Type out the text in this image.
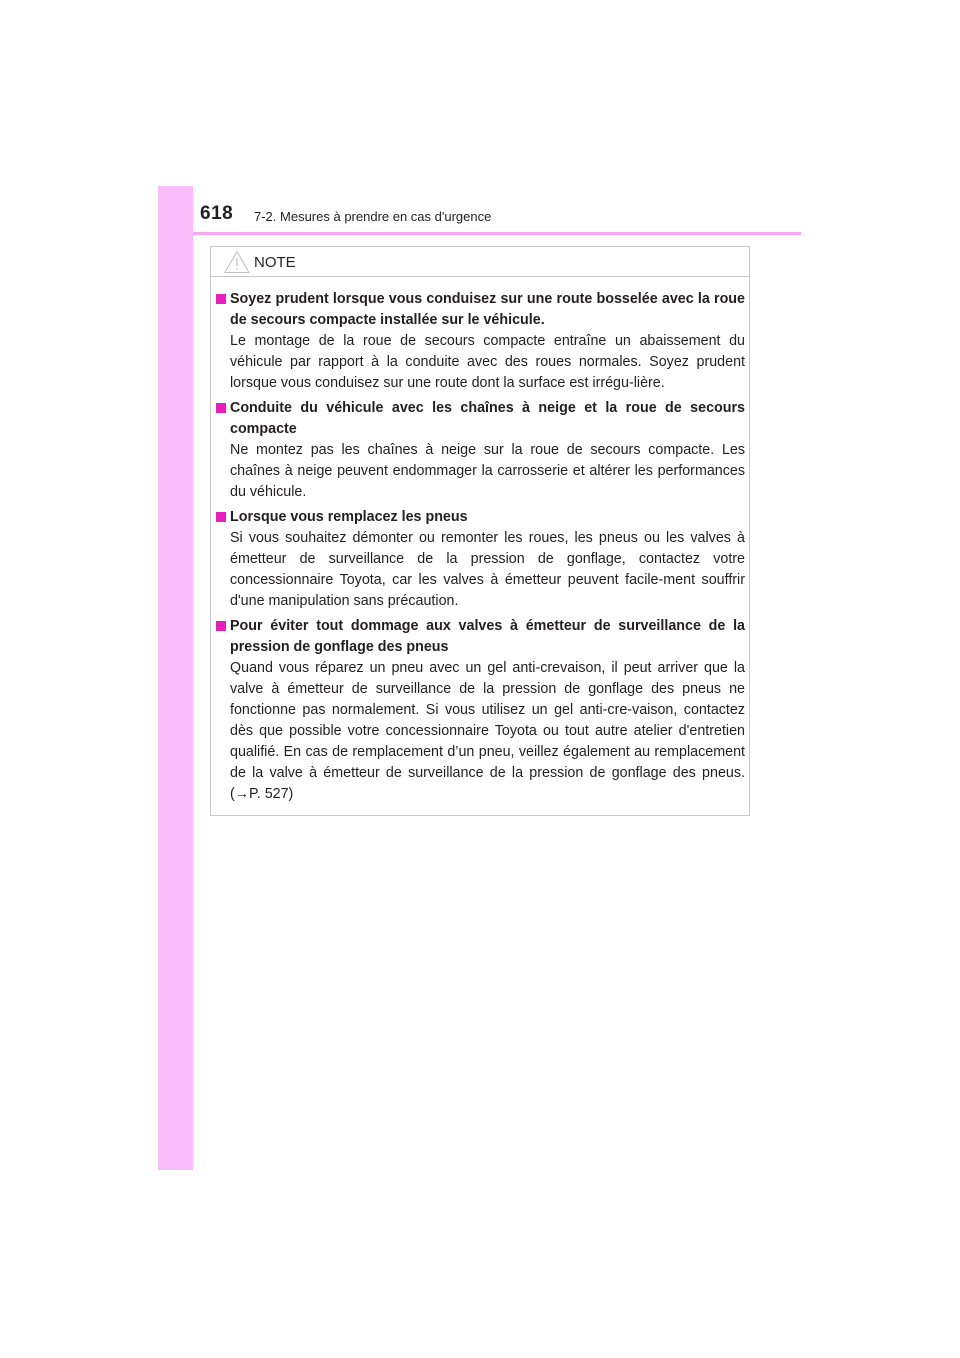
618 7-2. Mesures à prendre en cas d'urgence
NOTE
Soyez prudent lorsque vous conduisez sur une route bosselée avec la roue de secours compacte installée sur le véhicule.

Le montage de la roue de secours compacte entraîne un abaissement du véhicule par rapport à la conduite avec des roues normales. Soyez prudent lorsque vous conduisez sur une route dont la surface est irrégu-lière.

Conduite du véhicule avec les chaînes à neige et la roue de secours compacte

Ne montez pas les chaînes à neige sur la roue de secours compacte. Les chaînes à neige peuvent endommager la carrosserie et altérer les performances du véhicule.

Lorsque vous remplacez les pneus

Si vous souhaitez démonter ou remonter les roues, les pneus ou les valves à émetteur de surveillance de la pression de gonflage, contactez votre concessionnaire Toyota, car les valves à émetteur peuvent facile-ment souffrir d'une manipulation sans précaution.

Pour éviter tout dommage aux valves à émetteur de surveillance de la pression de gonflage des pneus

Quand vous réparez un pneu avec un gel anti-crevaison, il peut arriver que la valve à émetteur de surveillance de la pression de gonflage des pneus ne fonctionne pas normalement. Si vous utilisez un gel anti-cre-vaison, contactez dès que possible votre concessionnaire Toyota ou tout autre atelier d'entretien qualifié. En cas de remplacement d’un pneu, veillez également au remplacement de la valve à émetteur de surveillance de la pression de gonflage des pneus. (→P. 527)
